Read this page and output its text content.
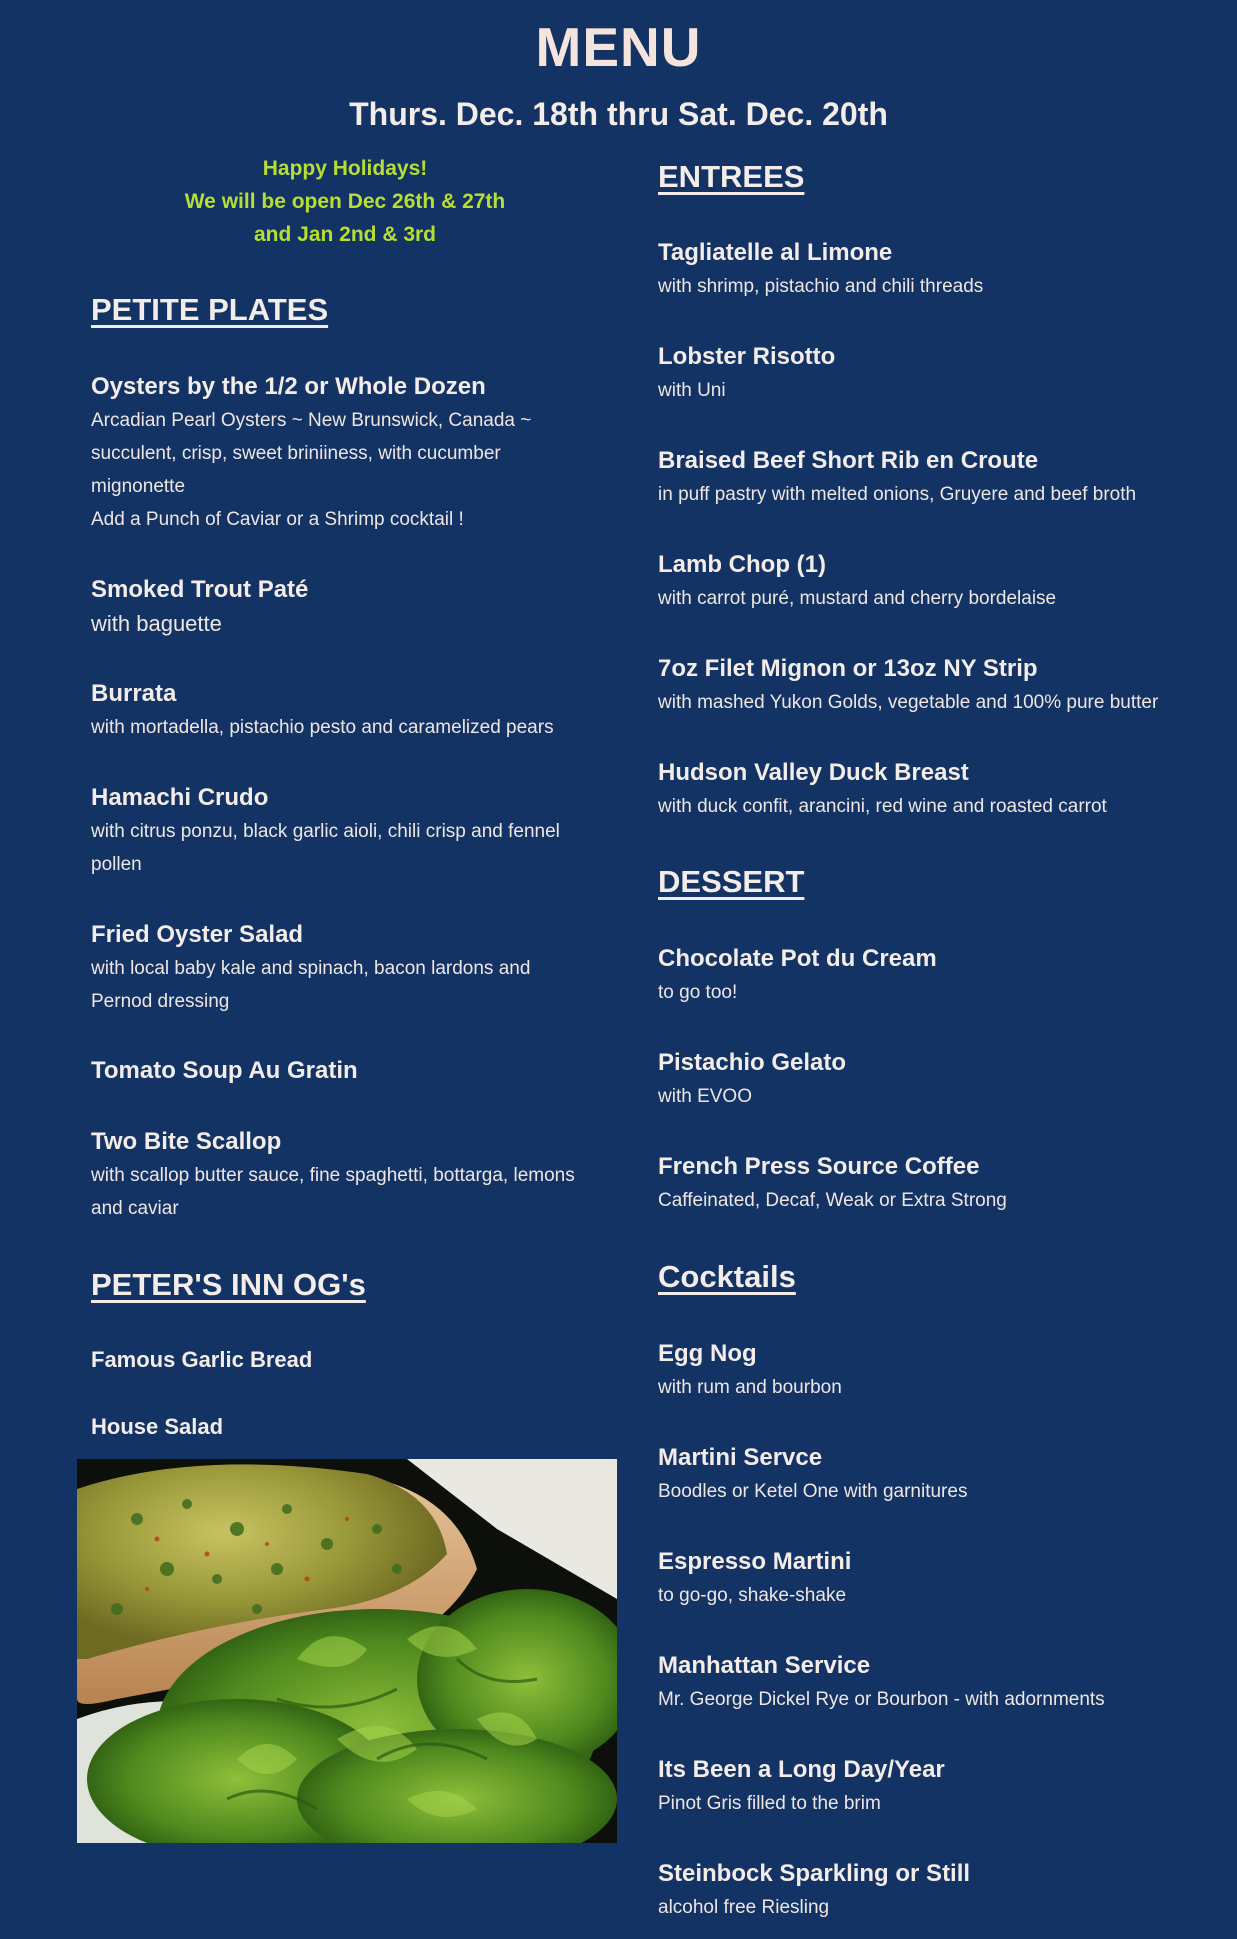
MENU
Thurs. Dec. 18th thru Sat. Dec. 20th
Happy Holidays!
We will be open Dec 26th & 27th
and Jan 2nd & 3rd
PETITE PLATES
Oysters by the 1/2 or Whole Dozen
Arcadian Pearl Oysters ~ New Brunswick, Canada ~
succulent, crisp, sweet briniiness, with cucumber
mignonette
Add a Punch of Caviar or a Shrimp cocktail !
Smoked Trout Paté
with baguette
Burrata
with mortadella, pistachio pesto and caramelized pears
Hamachi Crudo
with citrus ponzu, black garlic aioli, chili crisp and fennel
pollen
Fried Oyster Salad
with local baby kale and spinach, bacon lardons and
Pernod dressing
Tomato Soup Au Gratin
Two Bite Scallop
with scallop butter sauce, fine spaghetti, bottarga, lemons
and caviar
PETER'S INN OG's
Famous Garlic Bread
House Salad
ENTREES
Tagliatelle al Limone
with shrimp, pistachio and chili threads
Lobster Risotto
with Uni
Braised Beef Short Rib en Croute
in puff pastry with melted onions, Gruyere and beef broth
Lamb Chop (1)
with carrot puré, mustard and cherry bordelaise
7oz Filet Mignon or 13oz NY Strip
with mashed Yukon Golds, vegetable and 100% pure butter
Hudson Valley Duck Breast
with duck confit, arancini, red wine and roasted carrot
DESSERT
Chocolate Pot du Cream
to go too!
Pistachio Gelato
with EVOO
French Press Source Coffee
Caffeinated, Decaf, Weak or Extra Strong
Cocktails
Egg Nog
with rum and bourbon
Martini Servce
Boodles or Ketel One with garnitures
Espresso Martini
to go-go, shake-shake
Manhattan Service
Mr. George Dickel Rye or Bourbon - with adornments
Its Been a Long Day/Year
Pinot Gris filled to the brim
Steinbock Sparkling or Still
alcohol free Riesling
